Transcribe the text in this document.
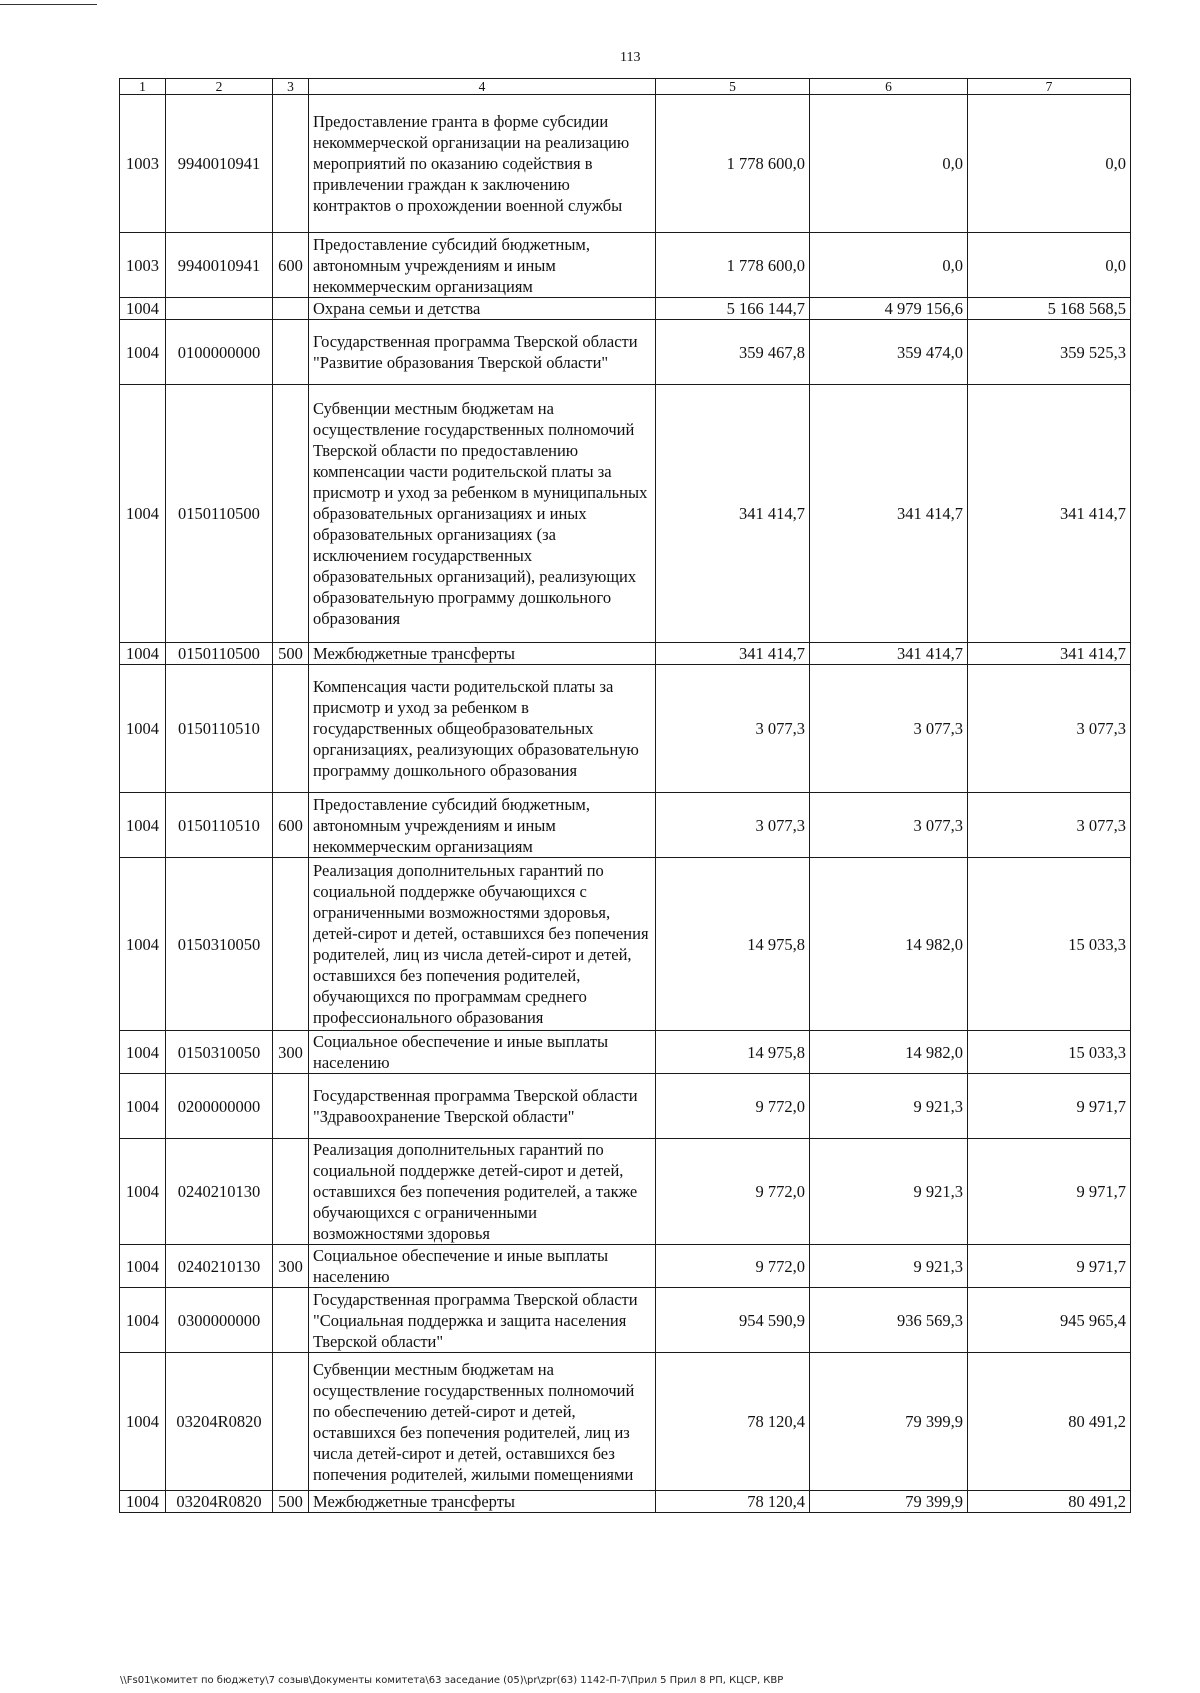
113
1	2	3	4	5	6	7
1003	9940010941		Предоставление гранта в форме субсидии некоммерческой организации на реализацию мероприятий по оказанию содействия в привлечении граждан к заключению контрактов о прохождении военной службы	1 778 600,0	0,0	0,0
1003	9940010941	600	Предоставление субсидий бюджетным, автономным учреждениям и иным некоммерческим организациям	1 778 600,0	0,0	0,0
1004			Охрана семьи и детства	5 166 144,7	4 979 156,6	5 168 568,5
1004	0100000000		Государственная программа Тверской области "Развитие образования Тверской области"	359 467,8	359 474,0	359 525,3
1004	0150110500		Субвенции местным бюджетам на осуществление государственных полномочий Тверской области по предоставлению компенсации части родительской платы за присмотр и уход за ребенком в муниципальных образовательных организациях и иных образовательных организациях (за исключением государственных образовательных организаций), реализующих образовательную программу дошкольного образования	341 414,7	341 414,7	341 414,7
1004	0150110500	500	Межбюджетные трансферты	341 414,7	341 414,7	341 414,7
1004	0150110510		Компенсация части родительской платы за присмотр и уход за ребенком в государственных общеобразовательных организациях, реализующих образовательную программу дошкольного образования	3 077,3	3 077,3	3 077,3
1004	0150110510	600	Предоставление субсидий бюджетным, автономным учреждениям и иным некоммерческим организациям	3 077,3	3 077,3	3 077,3
1004	0150310050		Реализация дополнительных гарантий по социальной поддержке обучающихся с ограниченными возможностями здоровья, детей-сирот и детей, оставшихся без попечения родителей, лиц из числа детей-сирот и детей, оставшихся без попечения родителей, обучающихся по программам среднего профессионального образования	14 975,8	14 982,0	15 033,3
1004	0150310050	300	Социальное обеспечение и иные выплаты населению	14 975,8	14 982,0	15 033,3
1004	0200000000		Государственная программа Тверской области "Здравоохранение Тверской области"	9 772,0	9 921,3	9 971,7
1004	0240210130		Реализация дополнительных гарантий по социальной поддержке детей-сирот и детей, оставшихся без попечения родителей, а также обучающихся с ограниченными возможностями здоровья	9 772,0	9 921,3	9 971,7
1004	0240210130	300	Социальное обеспечение и иные выплаты населению	9 772,0	9 921,3	9 971,7
1004	0300000000		Государственная программа Тверской области "Социальная поддержка и защита населения Тверской области"	954 590,9	936 569,3	945 965,4
1004	03204R0820		Субвенции местным бюджетам на осуществление государственных полномочий по обеспечению детей-сирот и детей, оставшихся без попечения родителей, лиц из числа детей-сирот и детей, оставшихся без попечения родителей, жилыми помещениями	78 120,4	79 399,9	80 491,2
1004	03204R0820	500	Межбюджетные трансферты	78 120,4	79 399,9	80 491,2
\\Fs01\комитет по бюджету\7 созыв\Документы комитета\63 заседание (05)\pr\zpr(63) 1142-П-7\Прил 5 Прил 8 РП, КЦСР, КВР
